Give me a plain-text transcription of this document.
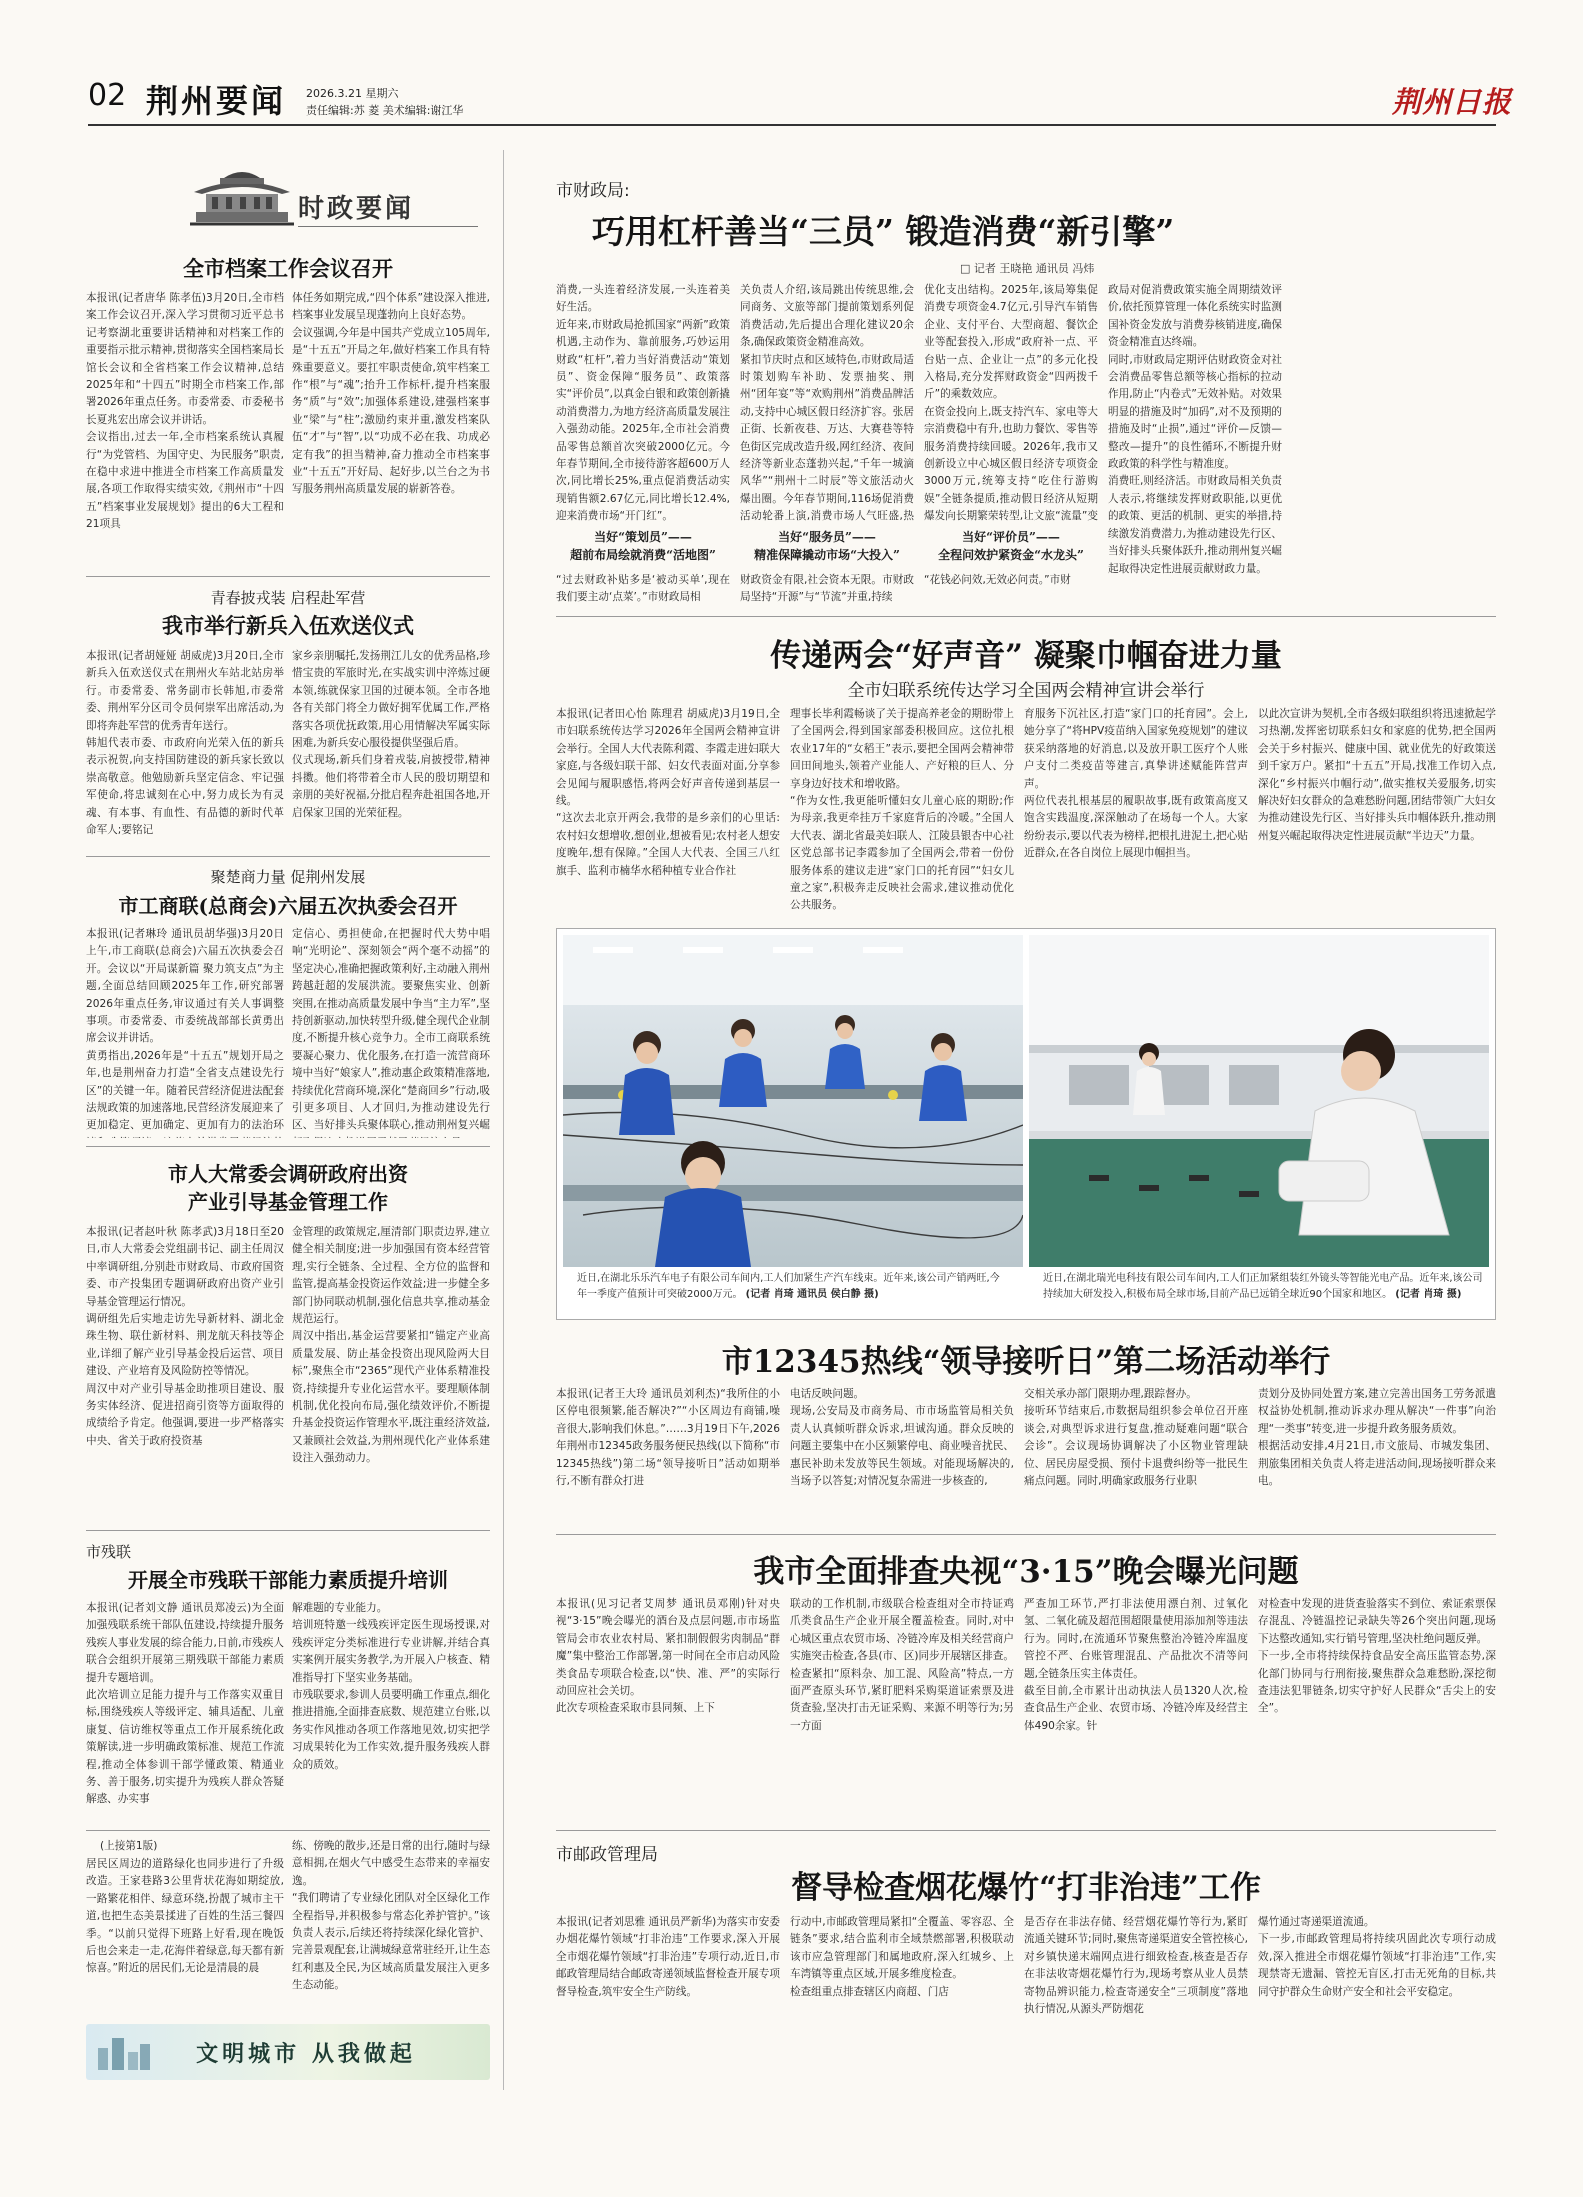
02 荆州要闻 2026.3.21 星期六
责任编辑:苏 菱 美术编辑:谢江华	荆州日报
时政要闻
全市档案工作会议召开
本报讯(记者唐华 陈孝伍)3月20日,全市档案工作会议召开,深入学习贯彻习近平总书记考察湖北重要讲话精神和对档案工作的重要指示批示精神,贯彻落实全国档案局长馆长会议和全省档案工作会议精神,总结2025年和“十四五”时期全市档案工作,部署2026年重点任务。市委常委、市委秘书长夏兆宏出席会议并讲话。
会议指出,过去一年,全市档案系统认真履行“为党管档、为国守史、为民服务”职责,在稳中求进中推进全市档案工作高质量发展,各项工作取得实绩实效,《荆州市“十四五”档案事业发展规划》提出的6大工程和21项具
体任务如期完成,“四个体系”建设深入推进,档案事业发展呈现蓬勃向上良好态势。
会议强调,今年是中国共产党成立105周年,是“十五五”开局之年,做好档案工作具有特殊重要意义。要扛牢职责使命,筑牢档案工作“根”与“魂”;抬升工作标杆,提升档案服务“质”与“效”;加强体系建设,建强档案事业“梁”与“柱”;激励约束并重,激发档案队伍“才”与“智”,以“功成不必在我、功成必定有我”的担当精神,奋力推动全市档案事业“十五五”开好局、起好步,以兰台之为书写服务荆州高质量发展的崭新答卷。
青春披戎装 启程赴军营
我市举行新兵入伍欢送仪式
本报讯(记者胡娅娅 胡威虎)3月20日,全市新兵入伍欢送仪式在荆州火车站北站房举行。市委常委、常务副市长韩旭,市委常委、荆州军分区司令员何崇军出席活动,为即将奔赴军营的优秀青年送行。
韩旭代表市委、市政府向光荣入伍的新兵表示祝贺,向支持国防建设的新兵家长致以崇高敬意。他勉励新兵坚定信念、牢记强军使命,将忠诚刻在心中,努力成长为有灵魂、有本事、有血性、有品德的新时代革命军人;要铭记
家乡亲朋嘱托,发扬荆江儿女的优秀品格,珍惜宝贵的军旅时光,在实战实训中淬炼过硬本领,练就保家卫国的过硬本领。全市各地各有关部门将全力做好拥军优属工作,严格落实各项优抚政策,用心用情解决军属实际困难,为新兵安心服役提供坚强后盾。
仪式现场,新兵们身着戎装,肩披授带,精神抖擞。他们将带着全市人民的殷切期望和亲朋的美好祝福,分批启程奔赴祖国各地,开启保家卫国的光荣征程。
聚楚商力量 促荆州发展
市工商联(总商会)六届五次执委会召开
本报讯(记者琳玲 通讯员胡华强)3月20日上午,市工商联(总商会)六届五次执委会召开。会议以“开局谋新篇 聚力筑支点”为主题,全面总结回顾2025年工作,研究部署2026年重点任务,审议通过有关人事调整事项。市委常委、市委统战部部长黄勇出席会议并讲话。
黄勇指出,2026年是“十五五”规划开局之年,也是荆州奋力打造“全省支点建设先行区”的关键一年。随着民营经济促进法配套法规政策的加速落地,民营经济发展迎来了更加稳定、更加确定、更加有力的法治环

定信心、勇担使命,在把握时代大势中唱响“光明论”、深刻领会“两个毫不动摇”的坚定决心,准确把握政策利好,主动融入荆州跨越赶超的发展洪流。要聚焦实业、创新突围,在推动高质量发展中争当“主力军”,坚持创新驱动,加快转型升级,健全现代企业制度,不断提升核心竞争力。全市工商联系统要凝心聚力、优化服务,在打造一流营商环境中当好“娘家人”,推动惠企政策精准落地,持续优化营商环境,深化“楚商回乡”行动,吸引更多项目、人才回归,为推动建设先行区、当好排头兵聚体联心,推动荆州复兴崛
市人大常委会调研政府出资
产业引导基金管理工作
本报讯(记者赵叶秋 陈孝武)3月18日至20日,市人大常委会党组副书记、副主任周汉中率调研组,分别赴市财政局、市政府国资委、市产投集团专题调研政府出资产业引导基金管理运行情况。
调研组先后实地走访先导新材料、湖北金珠生物、联仕新材料、荆龙航天科技等企业,详细了解产业引导基金投后运营、项目建设、产业培育及风险防控等情况。
周汉中对产业引导基金助推项目建设、服务实体经济、促进招商引资等方面取得的成绩给予肯定。他强调,要进一步严格落实中央、省关于政府投资基
金管理的政策规定,厘清部门职责边界,建立健全相关制度;进一步加强国有资本经营管理,实行全链条、全过程、全方位的监督和监管,提高基金投资运作效益;进一步健全多部门协同联动机制,强化信息共享,推动基金规范运行。
周汉中指出,基金运营要紧扣“锚定产业高质量发展、防止基金投资出现风险两大目标”,聚焦全市“2365”现代产业体系精准投资,持续提升专业化运营水平。要理顺体制机制,优化投向布局,强化绩效评价,不断提升基金投资运作管理水平,既注重经济效益,又兼顾社会效益,为荆州现代化产业体系建设注入强劲动力。
市残联
开展全市残联干部能力素质提升培训
本报讯(记者刘文静 通讯员郑凌云)为全面加强残联系统干部队伍建设,持续提升服务残疾人事业发展的综合能力,日前,市残疾人联合会组织开展第三期残联干部能力素质提升专题培训。
此次培训立足能力提升与工作落实双重目标,围绕残疾人等级评定、辅具适配、儿童康复、信访维权等重点工作开展系统化政策解读,进一步明确政策标准、规范工作流程,推动全体参训干部学懂政策、精通业务、善于服务,切实提升为残疾人群众答疑解惑、办实事
解难题的专业能力。
培训班特邀一线残疾评定医生现场授课,对残疾评定分类标准进行专业讲解,并结合真实案例开展实务教学,为开展入户核查、精准指导打下坚实业务基础。
市残联要求,参训人员要明确工作重点,细化推进措施,全面排查底数、规范建立台账,以务实作风推动各项工作落地见效,切实把学习成果转化为工作实效,提升服务残疾人群众的质效。
(上接第1版)
居民区周边的道路绿化也同步进行了升级改造。王家巷路3公里背状花海如期绽放,一路繁花相伴、绿意环绕,扮靓了城市主干道,也把生态美景揉进了百姓的生活三餐四季。“以前只觉得下班路上好看,现在晚饭后也会来走一走,花海伴着绿意,每天都有新惊喜。”附近的居民们,无论是清晨的晨
练、傍晚的散步,还是日常的出行,随时与绿意相拥,在烟火气中感受生态带来的幸福安逸。
“我们聘请了专业绿化团队对全区绿化工作全程指导,并积极参与常态化养护管护。”该负责人表示,后续还将持续深化绿化管护、完善景观配套,让满城绿意常驻经开,让生态红利惠及全民,为区域高质量发展注入更多生态动能。
文明城市 从我做起
市财政局:
巧用杠杆善当“三员” 锻造消费“新引擎”
□ 记者 王晓艳 通讯员 冯炜
消费,一头连着经济发展,一头连着美好生活。
近年来,市财政局抢抓国家“两新”政策机遇,主动作为、靠前服务,巧妙运用财政“杠杆”,着力当好消费活动“策划员”、资金保障“服务员”、政策落实“评价员”,以真金白银和政策创新撬动消费潜力,为地方经济高质量发展注入强劲动能。2025年,全市社会消费品零售总额首次突破2000亿元。今年春节期间,全市接待游客超600万人次,同比增长25%,重点促消费活动实现销售额2.67亿元,同比增长12.4%,迎来消费市场“开门红”。
当好“策划员”——
超前布局绘就消费“活地图”
“过去财政补贴多是‘被动买单’,现在我们要主动‘点菜’。”市财政局相
关负责人介绍,该局跳出传统思维,会同商务、文旅等部门提前策划系列促消费活动,先后提出合理化建议20余条,确保政策资金精准高效。
紧扣节庆时点和区域特色,市财政局适时策划购车补助、发票抽奖、荆州“团年宴”等“欢购荆州”消费品牌活动,支持中心城区假日经济扩容。张居正街、长新夜巷、万达、大赛巷等特色街区完成改造升级,网红经济、夜间经济等新业态蓬勃兴起,“千年一城滴风华”“荆州十二时辰”等文旅活动火爆出圈。今年春节期间,116场促消费活动轮番上演,消费市场人气旺盛,热
当好“服务员”——
精准保障撬动市场“大投入”
财政资金有限,社会资本无限。市财政局坚持“开源”与“节流”并重,持续
优化支出结构。2025年,该局筹集促消费专项资金4.7亿元,引导汽车销售企业、支付平台、大型商超、餐饮企业等配套投入,形成“政府补一点、平台贴一点、企业让一点”的多元化投入格局,充分发挥财政资金“四两拨千斤”的乘数效应。
在资金投向上,既支持汽车、家电等大宗消费稳中有升,也助力餐饮、零售等服务消费持续回暖。2026年,我市又创新设立中心城区假日经济专项资金3000万元,统筹支持“吃住行游购娱”全链条提质,推动假日经济从短期爆发向长期繁荣转型,让文旅“流量”变
当好“评价员”——
全程问效护紧资金“水龙头”
“花钱必问效,无效必问责。”市财
政局对促消费政策实施全周期绩效评价,依托预算管理一体化系统实时监测国补资金发放与消费券核销进度,确保资金精准直达终端。
同时,市财政局定期评估财政资金对社会消费品零售总额等核心指标的拉动作用,防止“内卷式”无效补贴。对效果明显的措施及时“加码”,对不及预期的措施及时“止损”,通过“评价—反馈—整改—提升”的良性循环,不断提升财政政策的科学性与精准度。
消费旺,则经济活。市财政局相关负责人表示,将继续发挥财政职能,以更优的政策、更活的机制、更实的举措,持续激发消费潜力,为推动建设先行区、当好排头兵聚体跃升,推动荆州复兴崛起取得决定性进展贡献财政力量。
传递两会“好声音” 凝聚巾帼奋进力量
全市妇联系统传达学习全国两会精神宣讲会举行
本报讯(记者田心怡 陈理君 胡威虎)3月19日,全市妇联系统传达学习2026年全国两会精神宣讲会举行。全国人大代表陈利霞、李霞走进妇联大家庭,与各级妇联干部、妇女代表面对面,分享参会见闻与履职感悟,将两会好声音传递到基层一线。
“这次去北京开两会,我带的是乡亲们的心里话:农村妇女想增收,想创业,想被看见;农村老人想安度晚年,想有保障。”全国人大代表、全国三八红旗手、监利市楠华水稻种植专业合作社
理事长毕利霞畅谈了关于提高养老金的期盼带上了全国两会,得到国家部委积极回应。这位扎根农业17年的“女稻王”表示,要把全国两会精神带回田间地头,领着产业能人、产好粮的巨人、分享身边好技术和增收路。
“作为女性,我更能听懂妇女儿童心底的期盼;作为母亲,我更牵挂万千家庭背后的冷暖。”全国人大代表、湖北省最美妇联人、江陵县银杏中心社区党总部书记李霞参加了全国两会,带着一份份服务体系的建议走进“家门口的托育园”“妇女儿童之家”,积极奔走反映社会需求,建议推动优化公共服务。
育服务下沉社区,打造“家门口的托育园”。会上,她分享了“将HPV疫苗纳入国家免疫规划”的建议获采纳落地的好消息,以及放开职工医疗个人账户支付二类疫苗等建言,真挚讲述赋能阵营声声。
两位代表扎根基层的履职故事,既有政策高度又饱含实践温度,深深触动了在场每一个人。大家纷纷表示,要以代表为榜样,把根扎进泥土,把心贴近群众,在各自岗位上展现巾帼担当。
以此次宣讲为契机,全市各级妇联组织将迅速掀起学习热潮,发挥密切联系妇女和家庭的优势,把全国两会关于乡村振兴、健康中国、就业优先的好政策送到千家万户。紧扣“十五五”开局,找准工作切入点,深化“乡村振兴巾帼行动”,做实推权关爱服务,切实解决好妇女群众的急难愁盼问题,团结带领广大妇女为推动建设先行区、当好排头兵巾帼体跃升,推动荆州复兴崛起取得决定性进展贡献“半边天”力量。
近日,在湖北乐乐汽车电子有限公司车间内,工人们加紧生产汽车线束。近年来,该公司产销两旺,今年一季度产值预计可突破2000万元。 (记者 肖琦 通讯员 侯白静 摄)
近日,在湖北瑞光电科技有限公司车间内,工人们正加紧组装红外镜头等智能光电产品。近年来,该公司持续加大研发投入,积极布局全球市场,目前产品已远销全球近90个国家和地区。 (记者 肖琦 摄)
市12345热线“领导接听日”第二场活动举行
本报讯(记者王大玲 通讯员刘利杰)“我所住的小区停电很频繁,能否解决?”“小区周边有商铺,噪音很大,影响我们休息。”……3月19日下午,2026年荆州市12345政务服务便民热线(以下简称“市12345热线”)第二场“领导接听日”活动如期举行,不断有群众打进
电话反映问题。
现场,公安局及市商务局、市市场监管局相关负责人认真倾听群众诉求,坦诚沟通。群众反映的问题主要集中在小区频繁停电、商业噪音扰民、惠民补助未发放等民生领域。对能现场解决的,当场予以答复;对情况复杂需进一步核查的,
交相关承办部门限期办理,跟踪督办。
接听环节结束后,市数据局组织参会单位召开座谈会,对典型诉求进行复盘,推动疑难问题“联合会诊”。会议现场协调解决了小区物业管理缺位、居民房屋受损、预付卡退费纠纷等一批民生痛点问题。同时,明确家政服务行业职
责划分及协同处置方案,建立完善出国务工劳务派遣权益协处机制,推动诉求办理从解决“一件事”向治理“一类事”转变,进一步提升政务服务质效。
根据活动安排,4月21日,市文旅局、市城发集团、荆旅集团相关负责人将走进活动间,现场接听群众来电。
我市全面排查央视“3·15”晚会曝光问题
本报讯(见习记者艾周梦 通讯员邓刚)针对央视“3·15”晚会曝光的酒台及点层问题,市市场监管局会市农业农村局、紧扣制假假劣肉制品“群魔”集中整治工作部署,第一时间在全市启动风险类食品专项联合检查,以“快、准、严”的实际行动回应社会关切。
此次专项检查采取市县同频、上下
联动的工作机制,市级联合检查组对全市持证鸡爪类食品生产企业开展全覆盖检查。同时,对中心城区重点农贸市场、冷链冷库及相关经营商户实施突击检查,各县(市、区)同步开展辖区排查。检查紧扣“原料杂、加工混、风险高”特点,一方面严查原头环节,紧盯肥料采购渠道证索票及进货查验,坚决打击无证采购、来源不明等行为;另一方面
严查加工环节,严打非法使用漂白剂、过氧化氢、二氧化硫及超范围超限量使用添加剂等违法行为。同时,在流通环节聚焦整治冷链冷库温度管控不严、台账管理混乱、产品批次不清等问题,全链条压实主体责任。
截至目前,全市累计出动执法人员1320人次,检查食品生产企业、农贸市场、冷链冷库及经营主体490余家。针
对检查中发现的进货查验落实不到位、索证索票保存混乱、冷链温控记录缺失等26个突出问题,现场下达整改通知,实行销号管理,坚决杜绝问题反弹。
下一步,全市将持续保持食品安全高压监管态势,深化部门协同与行刑衔接,聚焦群众急难愁盼,深挖彻查违法犯罪链条,切实守护好人民群众“舌尖上的安全”。
市邮政管理局
督导检查烟花爆竹“打非治违”工作
本报讯(记者刘思雅 通讯员严新华)为落实市安委办烟花爆竹领域“打非治违”工作要求,深入开展全市烟花爆竹领域“打非治违”专项行动,近日,市邮政管理局结合邮政寄递领域监督检查开展专项督导检查,筑牢安全生产防线。
行动中,市邮政管理局紧扣“全覆盖、零容忍、全链条”要求,结合监利市全域禁燃部署,积极联动该市应急管理部门和属地政府,深入红城乡、上车湾镇等重点区域,开展多维度检查。
检查组重点排查辖区内商超、门店
是否存在非法存储、经营烟花爆竹等行为,紧盯流通关键环节;同时,聚焦寄递渠道安全管控核心,对乡镇快递末端网点进行细致检查,核查是否存在非法收寄烟花爆竹行为,现场考察从业人员禁寄物品辨识能力,检查寄递安全“三项制度”落地执行情况,从源头严防烟花
爆竹通过寄递渠道流通。
下一步,市邮政管理局将持续巩固此次专项行动成效,深入推进全市烟花爆竹领域“打非治违”工作,实现禁寄无遗漏、管控无盲区,打击无死角的目标,共同守护群众生命财产安全和社会平安稳定。
